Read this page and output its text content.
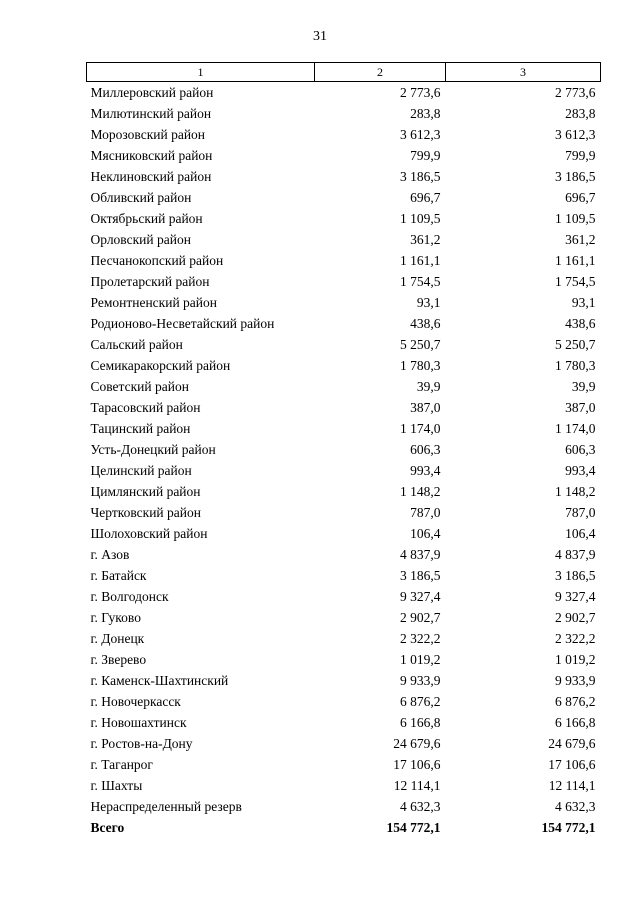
31
1	2	3
Миллеровский район	2 773,6	2 773,6
Милютинский район	283,8	283,8
Морозовский район	3 612,3	3 612,3
Мясниковский район	799,9	799,9
Неклиновский район	3 186,5	3 186,5
Обливский район	696,7	696,7
Октябрьский район	1 109,5	1 109,5
Орловский район	361,2	361,2
Песчанокопский район	1 161,1	1 161,1
Пролетарский район	1 754,5	1 754,5
Ремонтненский район	93,1	93,1
Родионово-Несветайский район	438,6	438,6
Сальский район	5 250,7	5 250,7
Семикаракорский район	1 780,3	1 780,3
Советский район	39,9	39,9
Тарасовский район	387,0	387,0
Тацинский район	1 174,0	1 174,0
Усть-Донецкий район	606,3	606,3
Целинский район	993,4	993,4
Цимлянский район	1 148,2	1 148,2
Чертковский район	787,0	787,0
Шолоховский район	106,4	106,4
г. Азов	4 837,9	4 837,9
г. Батайск	3 186,5	3 186,5
г. Волгодонск	9 327,4	9 327,4
г. Гуково	2 902,7	2 902,7
г. Донецк	2 322,2	2 322,2
г. Зверево	1 019,2	1 019,2
г. Каменск-Шахтинский	9 933,9	9 933,9
г. Новочеркасск	6 876,2	6 876,2
г. Новошахтинск	6 166,8	6 166,8
г. Ростов-на-Дону	24 679,6	24 679,6
г. Таганрог	17 106,6	17 106,6
г. Шахты	12 114,1	12 114,1
Нераспределенный резерв	4 632,3	4 632,3
Всего	154 772,1	154 772,1
